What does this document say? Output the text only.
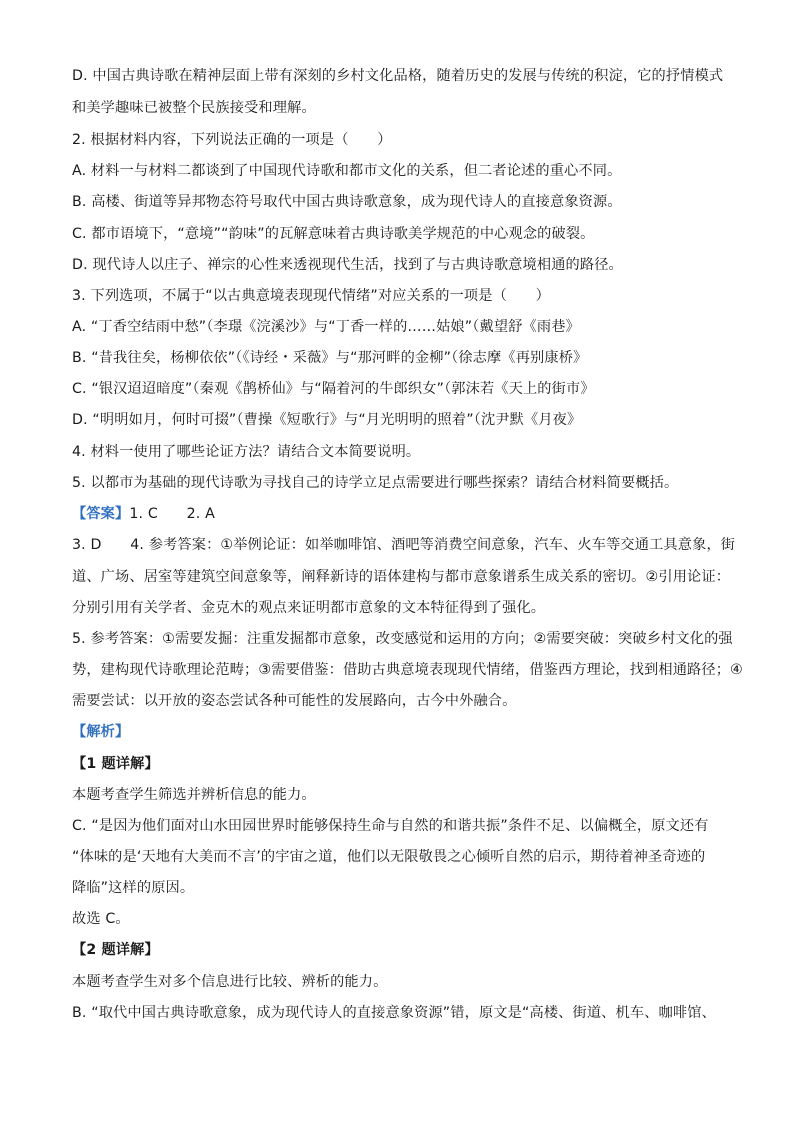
D. 中国古典诗歌在精神层面上带有深刻的乡村文化品格，随着历史的发展与传统的积淀，它的抒情模式
和美学趣味已被整个民族接受和理解。
2. 根据材料内容，下列说法正确的一项是（　　）
A. 材料一与材料二都谈到了中国现代诗歌和都市文化的关系，但二者论述的重心不同。
B. 高楼、街道等异邦物态符号取代中国古典诗歌意象，成为现代诗人的直接意象资源。
C. 都市语境下，“意境”“韵味”的瓦解意味着古典诗歌美学规范的中心观念的破裂。
D. 现代诗人以庄子、禅宗的心性来透视现代生活，找到了与古典诗歌意境相通的路径。
3. 下列选项，不属于“以古典意境表现现代情绪”对应关系的一项是（　　）
A. “丁香空结雨中愁”（李璟《浣溪沙》与“丁香一样的……姑娘”（戴望舒《雨巷》
B. “昔我往矣，杨柳依依”（《诗经・采薇》与“那河畔的金柳”（徐志摩《再别康桥》
C. “银汉迢迢暗度”（秦观《鹊桥仙》与“隔着河的牛郎织女”（郭沫若《天上的街市》
D. “明明如月，何时可掇”（曹操《短歌行》与“月光明明的照着”（沈尹默《月夜》
4. 材料一使用了哪些论证方法？请结合文本简要说明。
5. 以都市为基础的现代诗歌为寻找自己的诗学立足点需要进行哪些探索？请结合材料简要概括。
【答案】1. C　　2. A
3. D　　4. 参考答案：①举例论证：如举咖啡馆、酒吧等消费空间意象，汽车、火车等交通工具意象，街
道、广场、居室等建筑空间意象等，阐释新诗的语体建构与都市意象谱系生成关系的密切。②引用论证：
分别引用有关学者、金克木的观点来证明都市意象的文本特征得到了强化。
5. 参考答案：①需要发掘：注重发掘都市意象，改变感觉和运用的方向；②需要突破：突破乡村文化的强
势，建构现代诗歌理论范畴；③需要借鉴：借助古典意境表现现代情绪，借鉴西方理论，找到相通路径；④
需要尝试：以开放的姿态尝试各种可能性的发展路向，古今中外融合。
【解析】
【1 题详解】
本题考查学生筛选并辨析信息的能力。
C. “是因为他们面对山水田园世界时能够保持生命与自然的和谐共振”条件不足、以偏概全，原文还有
“体味的是‘天地有大美而不言’的宇宙之道，他们以无限敬畏之心倾听自然的启示，期待着神圣奇迹的
降临”这样的原因。
故选 C。
【2 题详解】
本题考查学生对多个信息进行比较、辨析的能力。
B. “取代中国古典诗歌意象，成为现代诗人的直接意象资源”错，原文是“高楼、街道、机车、咖啡馆、
